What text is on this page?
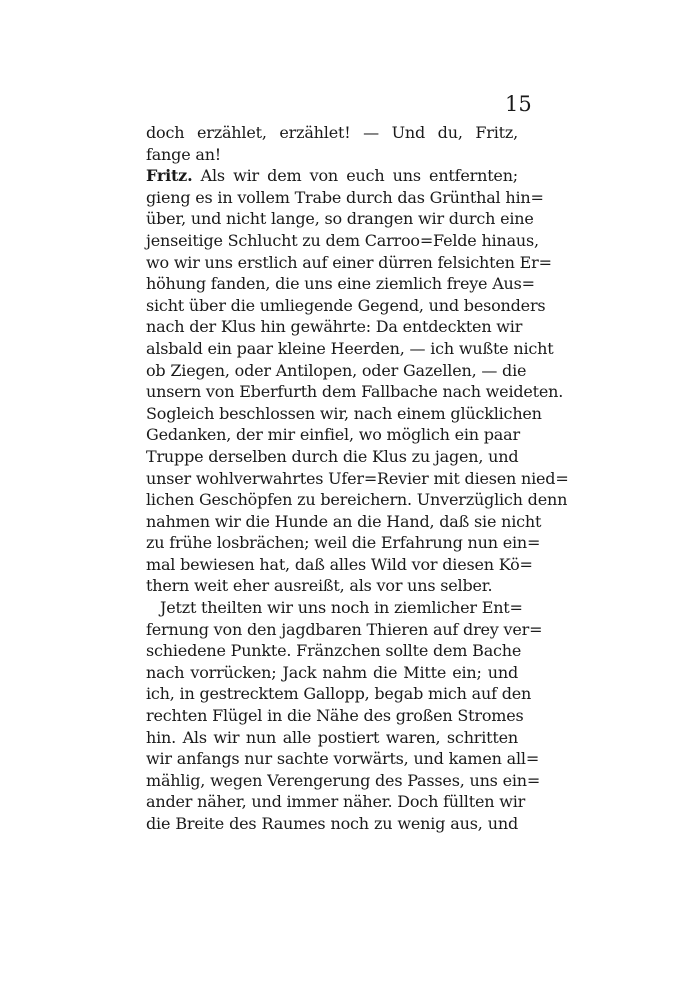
15
doch erzählet, erzählet! — Und du, Fritz,
fange an!
Fritz. Als wir dem von euch uns entfernten;
gieng es in vollem Trabe durch das Grünthal hin=
über, und nicht lange, so drangen wir durch eine
jenseitige Schlucht zu dem Carroo=Felde hinaus,
wo wir uns erstlich auf einer dürren felsichten Er=
höhung fanden, die uns eine ziemlich freye Aus=
sicht über die umliegende Gegend, und besonders
nach der Klus hin gewährte: Da entdeckten wir
alsbald ein paar kleine Heerden, — ich wußte nicht
ob Ziegen, oder Antilopen, oder Gazellen, — die
unsern von Eberfurth dem Fallbache nach weideten.
Sogleich beschlossen wir, nach einem glücklichen
Gedanken, der mir einfiel, wo möglich ein paar
Truppe derselben durch die Klus zu jagen, und
unser wohlverwahrtes Ufer=Revier mit diesen nied=
lichen Geschöpfen zu bereichern. Unverzüglich denn
nahmen wir die Hunde an die Hand, daß sie nicht
zu frühe losbrächen; weil die Erfahrung nun ein=
mal bewiesen hat, daß alles Wild vor diesen Kö=
thern weit eher ausreißt, als vor uns selber.
Jetzt theilten wir uns noch in ziemlicher Ent=
fernung von den jagdbaren Thieren auf drey ver=
schiedene Punkte. Fränzchen sollte dem Bache
nach vorrücken; Jack nahm die Mitte ein; und
ich, in gestrecktem Gallopp, begab mich auf den
rechten Flügel in die Nähe des großen Stromes
hin. Als wir nun alle postiert waren, schritten
wir anfangs nur sachte vorwärts, und kamen all=
mählig, wegen Verengerung des Passes, uns ein=
ander näher, und immer näher. Doch füllten wir
die Breite des Raumes noch zu wenig aus, und
